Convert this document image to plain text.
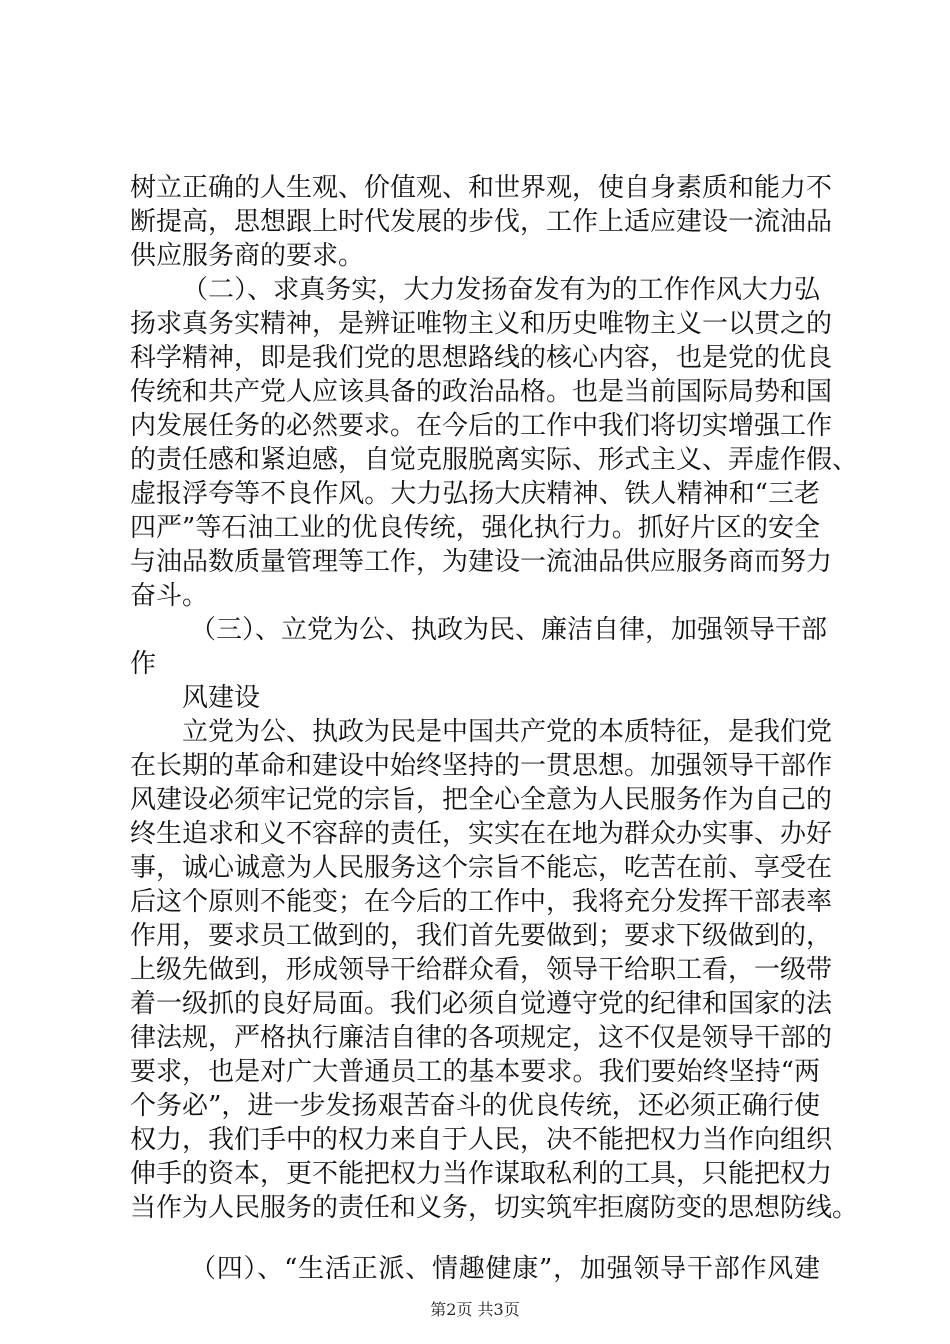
树立正确的人生观、价值观、和世界观，使自身素质和能力不
断提高，思想跟上时代发展的步伐，工作上适应建设一流油品
供应服务商的要求。
（二）、求真务实，大力发扬奋发有为的工作作风大力弘
扬求真务实精神，是辨证唯物主义和历史唯物主义一以贯之的
科学精神，即是我们党的思想路线的核心内容，也是党的优良
传统和共产党人应该具备的政治品格。也是当前国际局势和国
内发展任务的必然要求。在今后的工作中我们将切实增强工作
的责任感和紧迫感，自觉克服脱离实际、形式主义、弄虚作假、
虚报浮夸等不良作风。大力弘扬大庆精神、铁人精神和“三老
四严”等石油工业的优良传统，强化执行力。抓好片区的安全
与油品数质量管理等工作，为建设一流油品供应服务商而努力
奋斗。
（三）、立党为公、执政为民、廉洁自律，加强领导干部
作
风建设
立党为公、执政为民是中国共产党的本质特征，是我们党
在长期的革命和建设中始终坚持的一贯思想。加强领导干部作
风建设必须牢记党的宗旨，把全心全意为人民服务作为自己的
终生追求和义不容辞的责任，实实在在地为群众办实事、办好
事，诚心诚意为人民服务这个宗旨不能忘，吃苦在前、享受在
后这个原则不能变；在今后的工作中，我将充分发挥干部表率
作用，要求员工做到的，我们首先要做到；要求下级做到的，
上级先做到，形成领导干给群众看，领导干给职工看，一级带
着一级抓的良好局面。我们必须自觉遵守党的纪律和国家的法
律法规，严格执行廉洁自律的各项规定，这不仅是领导干部的
要求，也是对广大普通员工的基本要求。我们要始终坚持“两
个务必”，进一步发扬艰苦奋斗的优良传统，还必须正确行使
权力，我们手中的权力来自于人民，决不能把权力当作向组织
伸手的资本，更不能把权力当作谋取私利的工具，只能把权力
当作为人民服务的责任和义务，切实筑牢拒腐防变的思想防线。
（四）、“生活正派、情趣健康”，加强领导干部作风建
第2页 共3页
